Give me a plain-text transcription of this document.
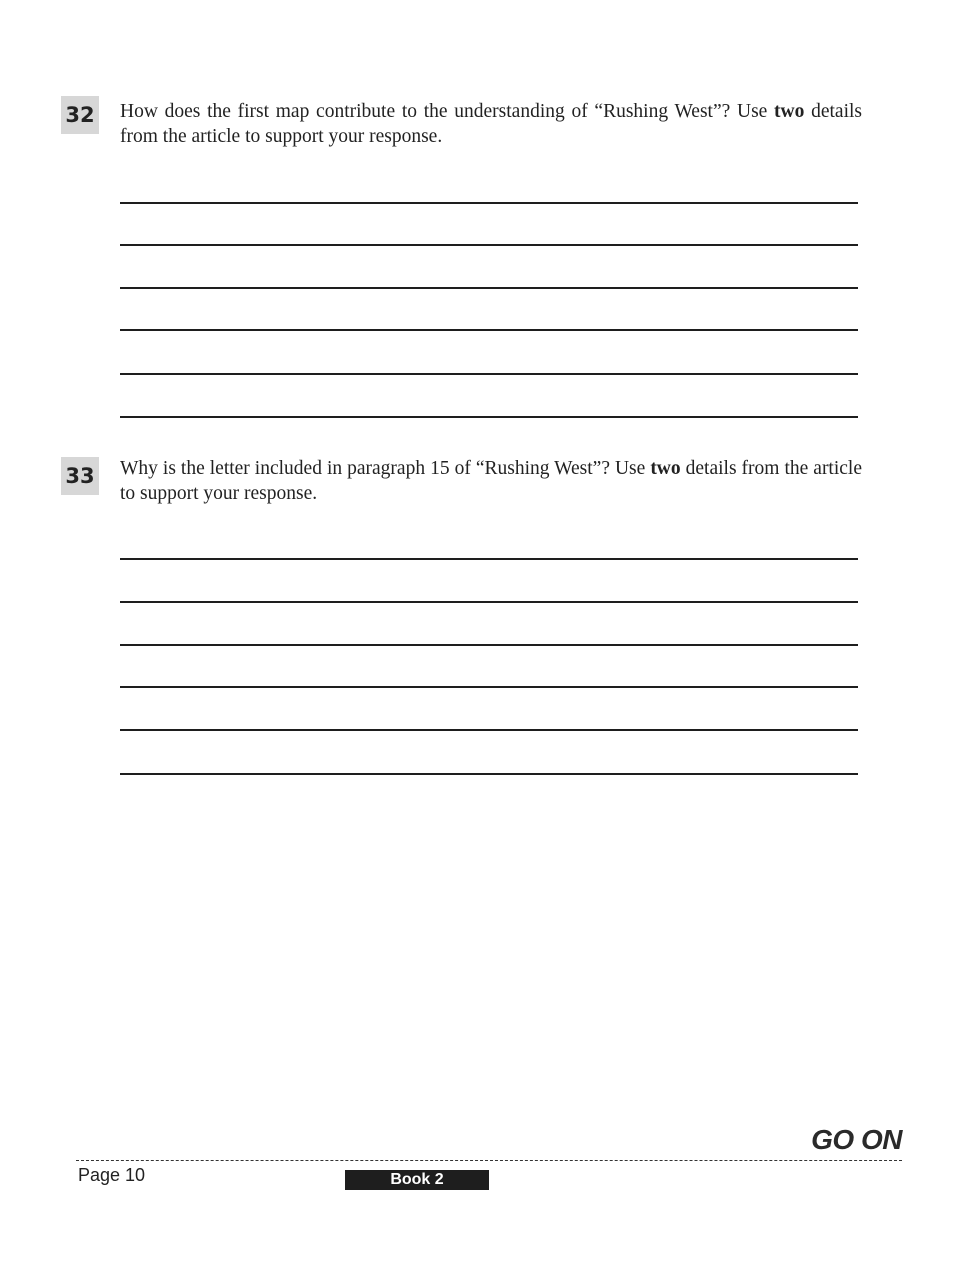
32 How does the first map contribute to the understanding of “Rushing West”? Use two details from the article to support your response.
33 Why is the letter included in paragraph 15 of “Rushing West”? Use two details from the article to support your response.
GO ON
Page 10	Book 2
